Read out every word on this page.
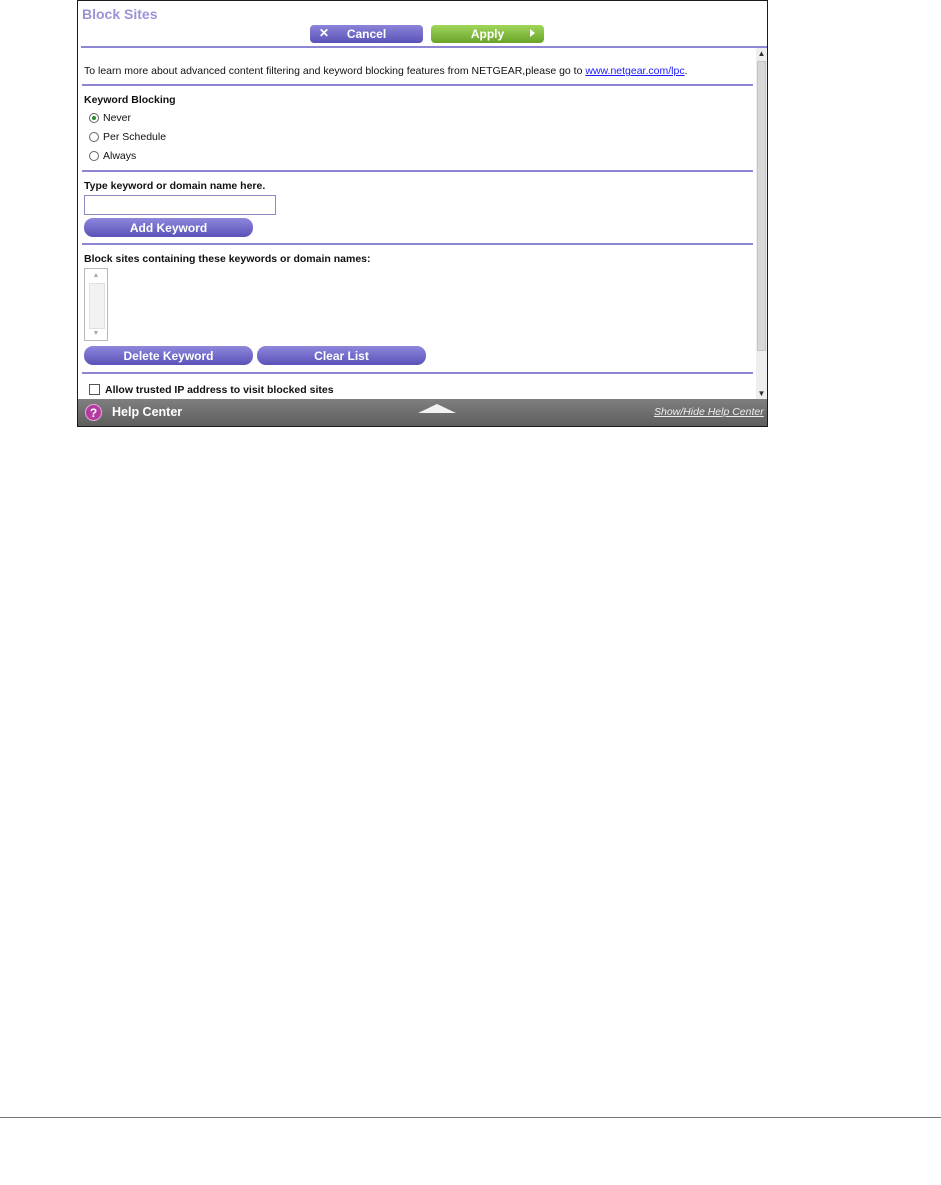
Block Sites
✕ Cancel	Apply
To learn more about advanced content filtering and keyword blocking features from NETGEAR,please go to www.netgear.com/lpc.
Keyword Blocking
Never
Per Schedule
Always
Type keyword or domain name here.
Add Keyword
Block sites containing these keywords or domain names:
▲
▼
Delete Keyword	Clear List
Allow trusted IP address to visit blocked sites
▲
▼
?	Help Center	Show/Hide Help Center
